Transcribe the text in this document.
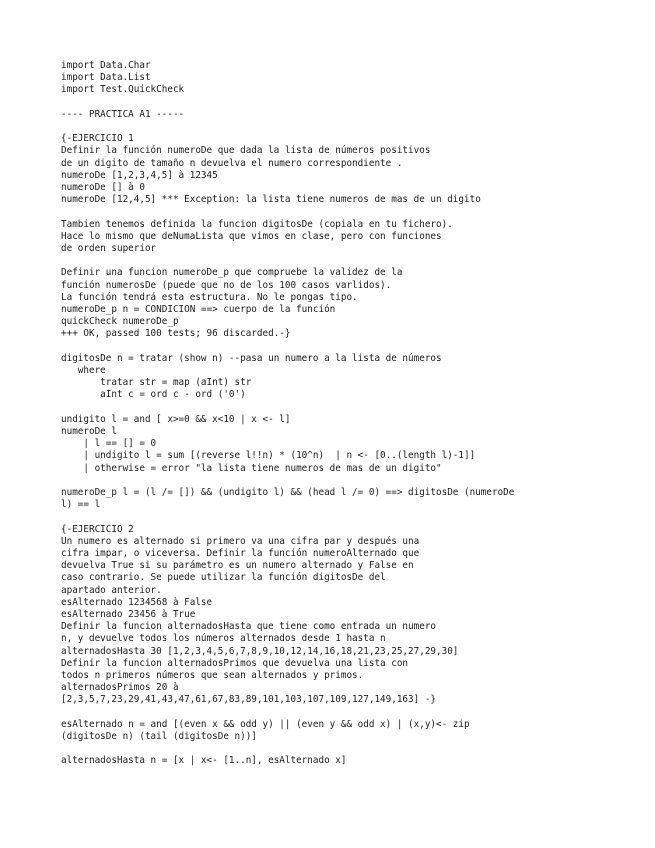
import Data.Char
import Data.List
import Test.QuickCheck
---- PRACTICA A1 -----
{-EJERCICIO 1
Definir la función numeroDe que dada la lista de números positivos
de un digito de tamaño n devuelva el numero correspondiente .
numeroDe [1,2,3,4,5] à 12345
numeroDe [] à 0
numeroDe [12,4,5] *** Exception: la lista tiene numeros de mas de un digito
Tambien tenemos definida la funcion digitosDe (copiala en tu fichero).
Hace lo mismo que deNumaLista que vimos en clase, pero con funciones
de orden superior
Definir una funcion numeroDe_p que compruebe la validez de la
función numerosDe (puede que no de los 100 casos varlidos).
La función tendrá esta estructura. No le pongas tipo.
numeroDe_p n = CONDICION ==> cuerpo de la función
quickCheck numeroDe_p
+++ OK, passed 100 tests; 96 discarded.-}
digitosDe n = tratar (show n) --pasa un numero a la lista de números
where
tratar str = map (aInt) str
aInt c = ord c - ord ('0')
undigito l = and [ x>=0 && x<10 | x <- l]
numeroDe l
| l == [] = 0
| undigito l = sum [(reverse l!!n) * (10^n)  | n <- [0..(length l)-1]]
| otherwise = error "la lista tiene numeros de mas de un digito"
numeroDe_p l = (l /= []) && (undigito l) && (head l /= 0) ==> digitosDe (numeroDe
l) == l
{-EJERCICIO 2
Un numero es alternado si primero va una cifra par y después una
cifra impar, o viceversa. Definir la función numeroAlternado que
devuelva True si su parámetro es un numero alternado y False en
caso contrario. Se puede utilizar la función digitosDe del
apartado anterior.
esAlternado 1234568 à False
esAlternado 23456 à True
Definir la funcion alternadosHasta que tiene como entrada un numero
n, y devuelve todos los números alternados desde 1 hasta n
alternadosHasta 30 [1,2,3,4,5,6,7,8,9,10,12,14,16,18,21,23,25,27,29,30]
Definir la funcion alternadosPrimos que devuelva una lista con
todos n primeros números que sean alternados y primos.
alternadosPrimos 20 à
[2,3,5,7,23,29,41,43,47,61,67,83,89,101,103,107,109,127,149,163] -}
esAlternado n = and [(even x && odd y) || (even y && odd x) | (x,y)<- zip
(digitosDe n) (tail (digitosDe n))]
alternadosHasta n = [x | x<- [1..n], esAlternado x]
